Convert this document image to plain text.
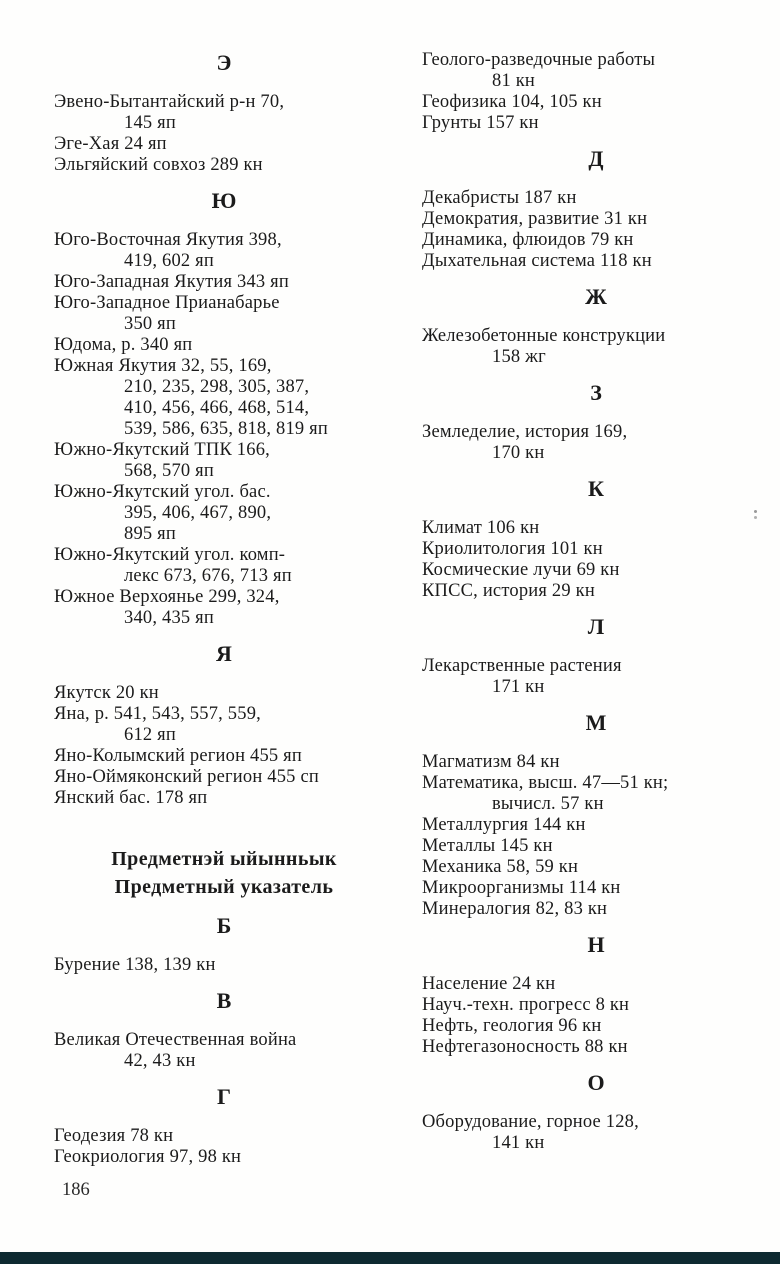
Э
Эвено-Бытантайский р-н 70,
145 яп
Эге-Хая 24 яп
Эльгяйский совхоз 289 кн
Ю
Юго-Восточная Якутия 398,
419, 602 яп
Юго-Западная Якутия 343 яп
Юго-Западное Прианабарье
350 яп
Юдома, р. 340 яп
Южная Якутия 32, 55, 169,
210, 235, 298, 305, 387,
410, 456, 466, 468, 514,
539, 586, 635, 818, 819 яп
Южно-Якутский ТПК 166,
568, 570 яп
Южно-Якутский угол. бас.
395, 406, 467, 890,
895 яп
Южно-Якутский угол. комп-
лекс 673, 676, 713 яп
Южное Верхоянье 299, 324,
340, 435 яп
Я
Якутск 20 кн
Яна, р. 541, 543, 557, 559,
612 яп
Яно-Колымский регион 455 яп
Яно-Оймяконский регион 455 сп
Янский бас. 178 яп
Предметнэй ыйынньык
Предметный указатель
Б
Бурение 138, 139 кн
В
Великая Отечественная война
42, 43 кн
Г
Геодезия 78 кн
Геокриология 97, 98 кн
Геолого-разведочные работы
81 кн
Геофизика 104, 105 кн
Грунты 157 кн
Д
Декабристы 187 кн
Демократия, развитие 31 кн
Динамика, флюидов 79 кн
Дыхательная система 118 кн
Ж
Железобетонные конструкции
158 жг
З
Земледелие, история 169,
170 кн
К
Климат 106 кн
Криолитология 101 кн
Космические лучи 69 кн
КПСС, история 29 кн
Л
Лекарственные растения
171 кн
М
Магматизм 84 кн
Математика, высш. 47—51 кн;
вычисл. 57 кн
Металлургия 144 кн
Металлы 145 кн
Механика 58, 59 кн
Микроорганизмы 114 кн
Минералогия 82, 83 кн
Н
Население 24 кн
Науч.-техн. прогресс 8 кн
Нефть, геология 96 кн
Нефтегазоносность 88 кн
О
Оборудование, горное 128,
141 кн
186
